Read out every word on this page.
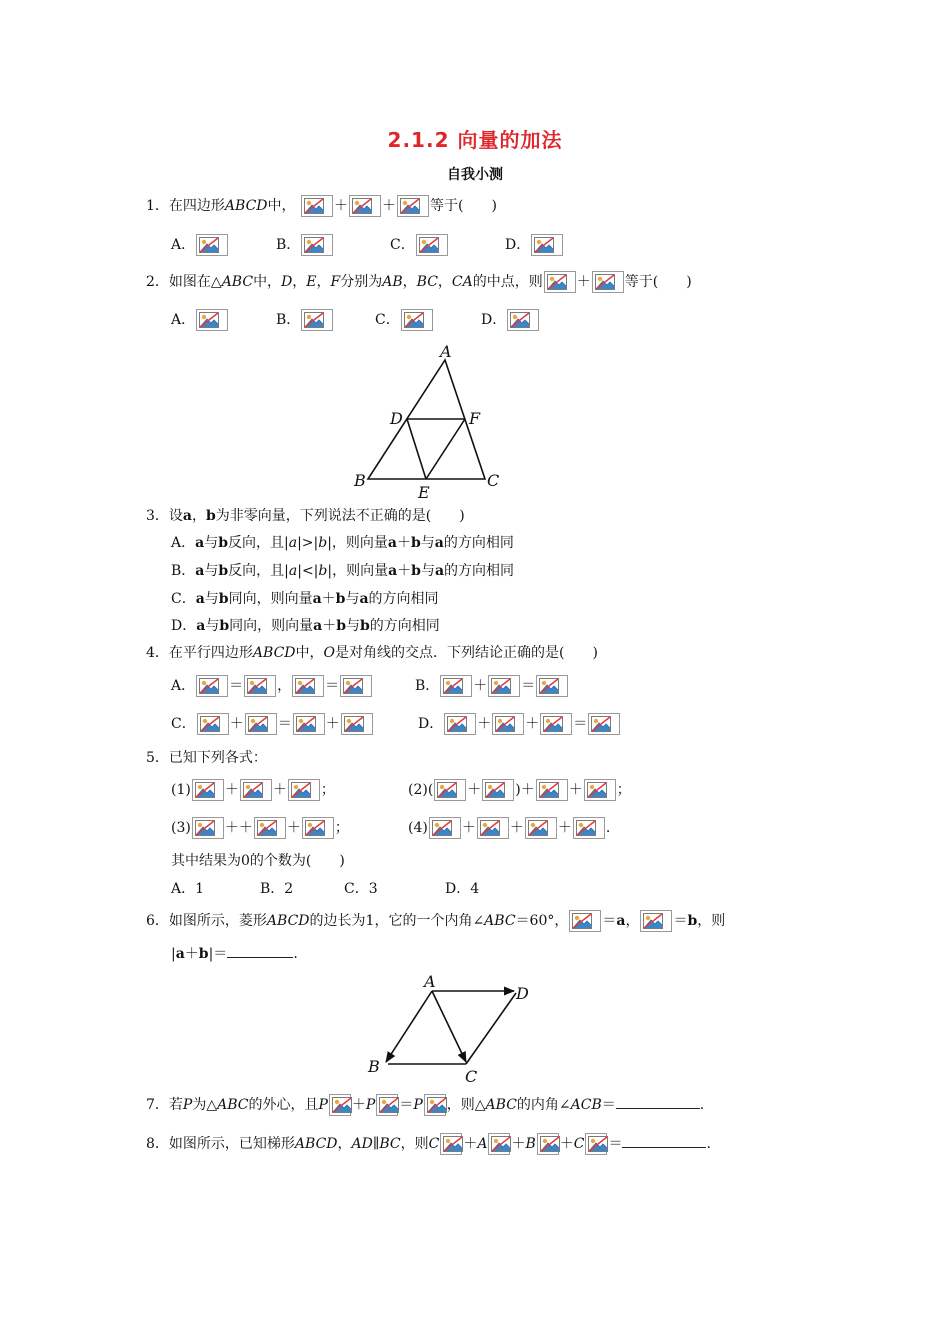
2.1.2 向量的加法
自我小测
1．在四边形ABCD中，	＋ ＋ 等于(　　)
A．	B．	C．	D．
2．如图在△ABC中，D，E，F分别为AB，BC，CA的中点，则 ＋ 等于(　　)
A．	B．	C．	D．
A
D	F
B
E
C
3．设a，b为非零向量，下列说法不正确的是(　　)
A．a与b反向，且|a|>|b|，则向量a＋b与a的方向相同
B．a与b反向，且|a|<|b|，则向量a＋b与a的方向相同
C．a与b同向，则向量a＋b与a的方向相同
D．a与b同向，则向量a＋b与b的方向相同
4．在平行四边形ABCD中，O是对角线的交点．下列结论正确的是(　　)
A． ＝ ， ＝	B． ＋ ＝
C． ＋ ＝ ＋	D． ＋ ＋ ＝
5．已知下列各式：
(1) ＋ ＋ ；	(2)( ＋ )＋ ＋ ；
(3) ＋＋ ＋ ；	(4) ＋ ＋ ＋ .
其中结果为0的个数为(　　)
A．1	B．2	C．3	D．4
6．如图所示，菱形ABCD的边长为1，它的一个内角∠ABC＝60°， ＝a， ＝b，则
|a＋b|＝	.
A
D
B
C
7．若P为△ABC的外心，且P ＋P ＝P ，则△ABC的内角∠ACB＝	.
8．如图所示，已知梯形ABCD，AD∥BC，则C ＋A ＋B ＋C ＝	.
